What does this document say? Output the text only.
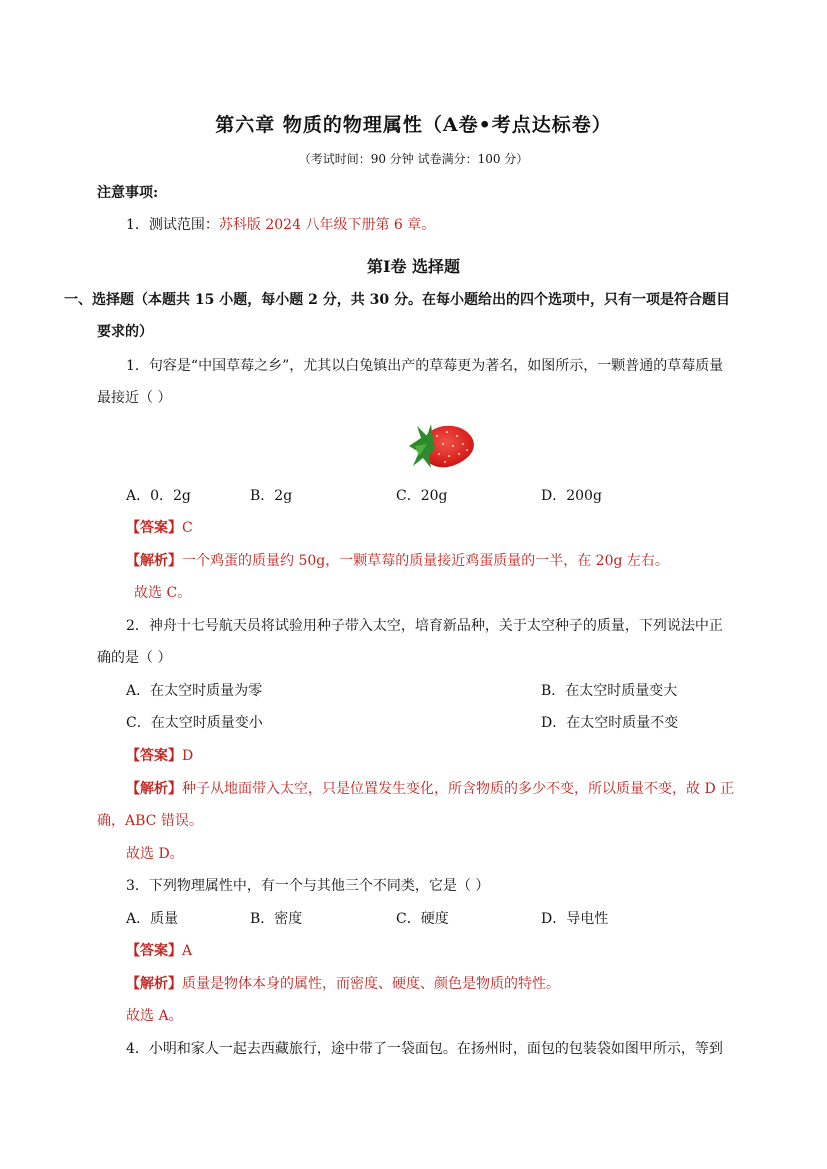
第六章 物质的物理属性（A卷•考点达标卷）
（考试时间：90 分钟 试卷满分：100 分）
注意事项:
1．测试范围：苏科版 2024 八年级下册第 6 章。
第I卷 选择题
一、选择题（本题共 15 小题，每小题 2 分，共 30 分。在每小题给出的四个选项中，只有一项是符合题目
要求的）
1．句容是“中国草莓之乡”，尤其以白兔镇出产的草莓更为著名，如图所示，一颗普通的草莓质量
最接近（ ）
A．0．2g	B．2g	C．20g	D．200g
【答案】C
【解析】一个鸡蛋的质量约 50g，一颗草莓的质量接近鸡蛋质量的一半，在 20g 左右。
故选 C。
2．神舟十七号航天员将试验用种子带入太空，培育新品种，关于太空种子的质量，下列说法中正
确的是（ ）
A．在太空时质量为零	B．在太空时质量变大
C．在太空时质量变小	D．在太空时质量不变
【答案】D
【解析】种子从地面带入太空，只是位置发生变化，所含物质的多少不变，所以质量不变，故 D 正
确，ABC 错误。
故选 D。
3．下列物理属性中，有一个与其他三个不同类，它是（ ）
A．质量	B．密度	C．硬度	D．导电性
【答案】A
【解析】质量是物体本身的属性，而密度、硬度、颜色是物质的特性。
故选 A。
4．小明和家人一起去西藏旅行，途中带了一袋面包。在扬州时，面包的包装袋如图甲所示，等到
